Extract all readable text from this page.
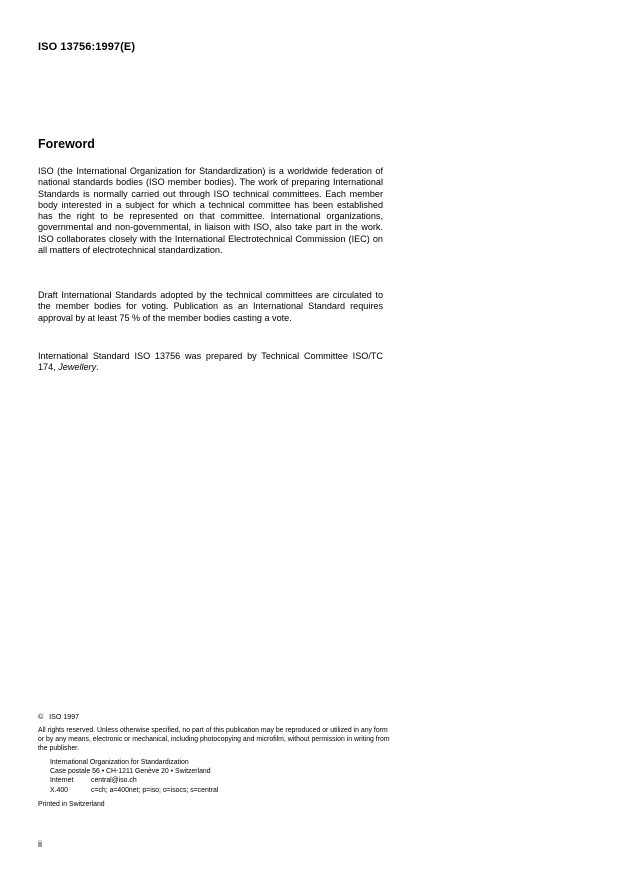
ISO 13756:1997(E)
Foreword

ISO (the International Organization for Standardization) is a worldwide federation of national standards bodies (ISO member bodies). The work of preparing International Standards is normally carried out through ISO technical committees. Each member body interested in a subject for which a technical committee has been established has the right to be represented on that committee. International organizations, governmental and non-governmental, in liaison with ISO, also take part in the work. ISO collaborates closely with the International Electrotechnical Commission (IEC) on all matters of electrotechnical standardization.

Draft International Standards adopted by the technical committees are circulated to the member bodies for voting. Publication as an International Standard requires approval by at least 75 % of the member bodies casting a vote.

International Standard ISO 13756 was prepared by Technical Committee ISO/TC 174, Jewellery.

© ISO 1997

All rights reserved. Unless otherwise specified, no part of this publication may be reproduced or utilized in any form or by any means, electronic or mechanical, including photocopying and microfilm, without permission in writing from the publisher.

International Organization for Standardization
Case postale 56 • CH-1211 Genève 20 • Switzerland
Internet	central@iso.ch
X.400	c=ch; a=400net; p=iso; o=isocs; s=central
Printed in Switzerland
ii
